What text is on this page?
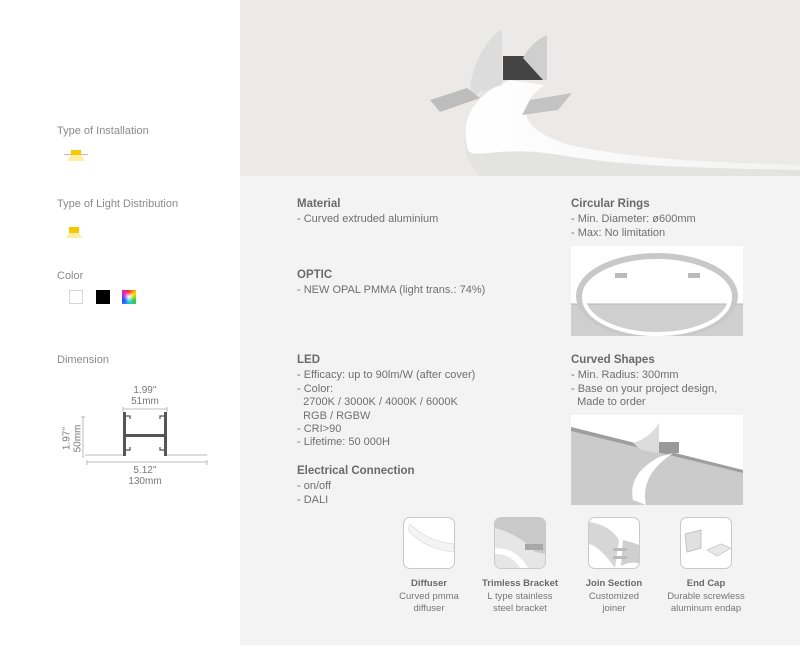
Type of Installation
Type of Light Distribution
Color
Dimension
1.99''
51mm
1.97'' 50mm
5.12''
130mm
Material
- Curved extruded aluminium
OPTIC
- NEW OPAL PMMA (light trans.: 74%)
LED
- Efficacy: up to 90lm/W (after cover)
- Color:
2700K / 3000K / 4000K / 6000K
RGB / RGBW
- CRI>90
- Lifetime: 50 000H
Electrical Connection
- on/off
- DALI
Circular Rings
- Min. Diameter: ø600mm
- Max: No limitation
Curved Shapes
- Min. Radius: 300mm
- Base on your project design,
Made to order
Diffuser
Curved pmma
diffuser
Trimless Bracket
L type stainless
steel bracket
Join Section
Customized
joiner
End Cap
Durable screwless
aluminum endap
